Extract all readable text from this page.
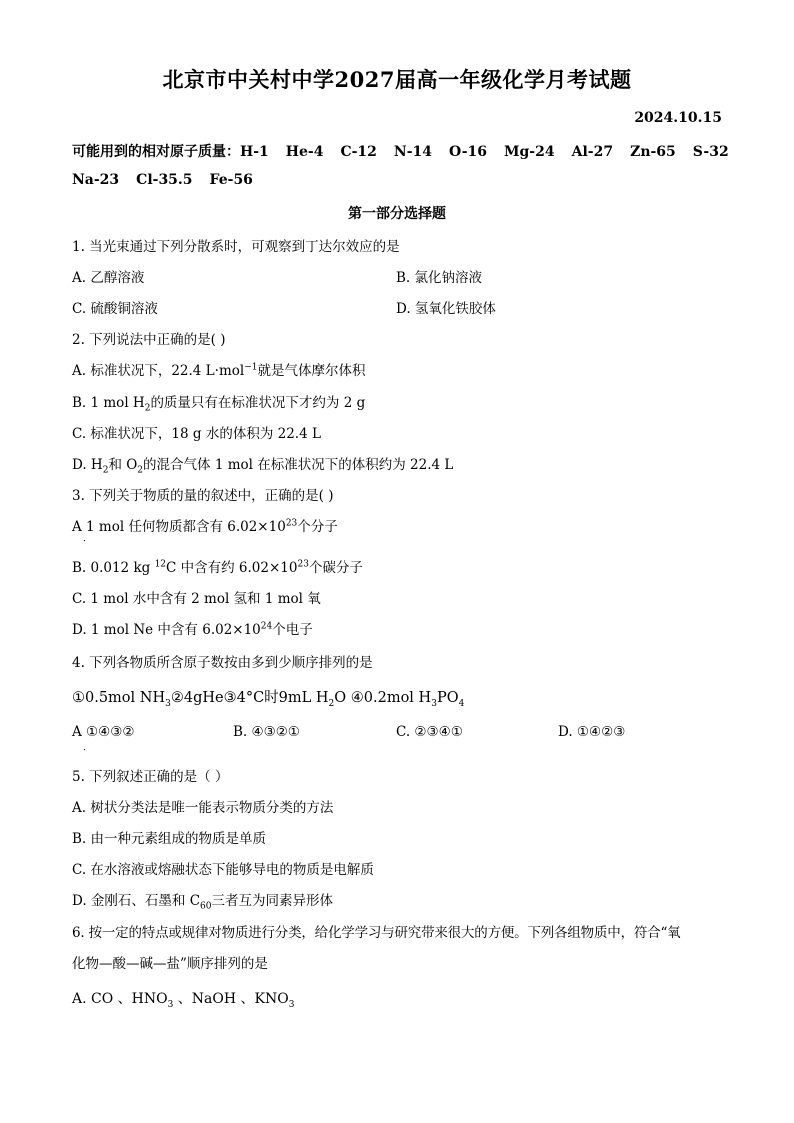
北京市中关村中学2027届高一年级化学月考试题
2024.10.15
可能用到的相对原子质量：H-1 He-4 C-12 N-14 O-16 Mg-24 Al-27 Zn-65 S-32
Na-23 Cl-35.5 Fe-56
第一部分选择题
1. 当光束通过下列分散系时，可观察到丁达尔效应的是
A. 乙醇溶液	B. 氯化钠溶液
C. 硫酸铜溶液	D. 氢氧化铁胶体
2. 下列说法中正确的是( )
A. 标准状况下，22.4 L·mol$^{-1}$就是气体摩尔体积
B. 1 mol $H_2$的质量只有在标准状况下才约为 2 g
C. 标准状况下，18 g 水的体积为 22.4 L
D. $H_2$和 $O_2$的混合气体 1 mol 在标准状况下的体积约为 22.4 L
3. 下列关于物质的量的叙述中，正确的是( )
A 1 mol 任何物质都含有 $6.02\times 10^{23}$个分子
．
B. 0.012 kg $^{12}$C 中含有约 $6.02\times 10^{23}$个碳分子
C. 1 mol 水中含有 2 mol 氢和 1 mol 氧
D. 1 mol Ne 中含有 $6.02\times 10^{24}$个电子
4. 下列各物质所含原子数按由多到少顺序排列的是
①0.5mol $NH_3②4gHe③4^\circ C$时9mL $H_2O$ ④0.2mol $H_3PO_4$
A ①④③②
．
B. ④③②①	C. ②③④①	D. ①④②③
5. 下列叙述正确的是（ ）
A. 树状分类法是唯一能表示物质分类的方法
B. 由一种元素组成的物质是单质
C. 在水溶液或熔融状态下能够导电的物质是电解质
D. 金刚石、石墨和 $C_{60}$三者互为同素异形体
6. 按一定的特点或规律对物质进行分类，给化学学习与研究带来很大的方便。下列各组物质中，符合“氧
化物—酸—碱—盐”顺序排列的是
A. CO 、$HNO_3$ 、NaOH 、$KNO_3$
